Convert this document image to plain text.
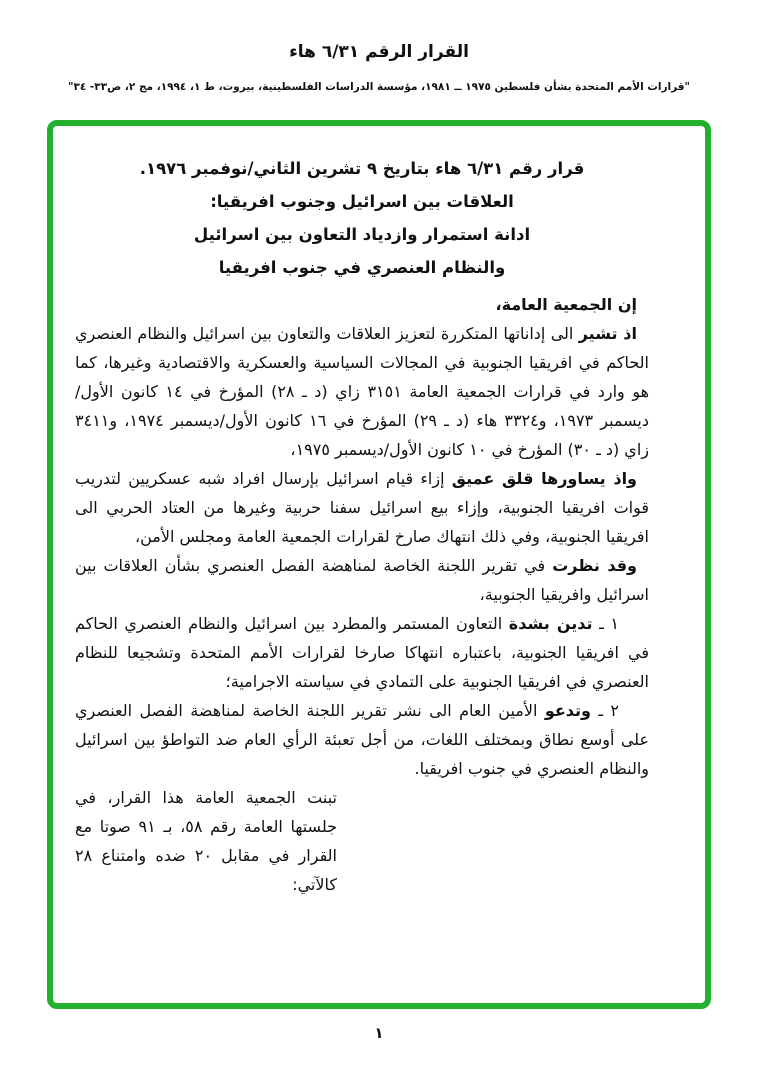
القرار الرقم ٦/٣١ هاء
"قرارات الأمم المتحدة بشأن فلسطين ١٩٧٥ ــ ١٩٨١، مؤسسة الدراسات الفلسطينية، بيروت، ط ١، ١٩٩٤، مج ٢، ص٣٣- ٣٤"
قرار رقم ٦/٣١ هاء بتاريخ ٩ تشرين الثاني/نوفمبر ١٩٧٦.
العلاقات بين اسرائيل وجنوب افريقيا:
ادانة استمرار وازدياد التعاون بين اسرائيل
والنظام العنصري في جنوب افريقيا

إن الجمعية العامة،

اذ تشير الى إداناتها المتكررة لتعزيز العلاقات والتعاون بين اسرائيل والنظام العنصري الحاكم في افريقيا الجنوبية في المجالات السياسية والعسكرية والاقتصادية وغيرها، كما هو وارد في قرارات الجمعية العامة ٣١٥١ زاي (د ـ ٢٨) المؤرخ في ١٤ كانون الأول/ديسمبر ١٩٧٣، و٣٣٢٤ هاء (د ـ ٢٩) المؤرخ في ١٦ كانون الأول/ديسمبر ١٩٧٤، و٣٤١١ زاي (د ـ ٣٠) المؤرخ في ١٠ كانون الأول/ديسمبر ١٩٧٥،

واذ يساورها قلق عميق إزاء قيام اسرائيل بإرسال افراد شبه عسكريين لتدريب قوات افريقيا الجنوبية، وإزاء بيع اسرائيل سفنا حربية وغيرها من العتاد الحربي الى افريقيا الجنوبية، وفي ذلك انتهاك صارخ لقرارات الجمعية العامة ومجلس الأمن،

وقد نظرت في تقرير اللجنة الخاصة لمناهضة الفصل العنصري بشأن العلاقات بين اسرائيل وافريقيا الجنوبية،

١ ـ تدين بشدة التعاون المستمر والمطرد بين اسرائيل والنظام العنصري الحاكم في افريقيا الجنوبية، باعتباره انتهاكا صارخا لقرارات الأمم المتحدة وتشجيعا للنظام العنصري في افريقيا الجنوبية على التمادي في سياسته الاجرامية؛

٢ ـ وتدعو الأمين العام الى نشر تقرير اللجنة الخاصة لمناهضة الفصل العنصري على أوسع نطاق وبمختلف اللغات، من أجل تعبئة الرأي العام ضد التواطؤ بين اسرائيل والنظام العنصري في جنوب افريقيا.

تبنت الجمعية العامة هذا القرار، في جلستها العامة رقم ٥٨، بـ ٩١ صوتا مع القرار في مقابل ٢٠ ضده وامتناع ٢٨ كالآتي:
١
